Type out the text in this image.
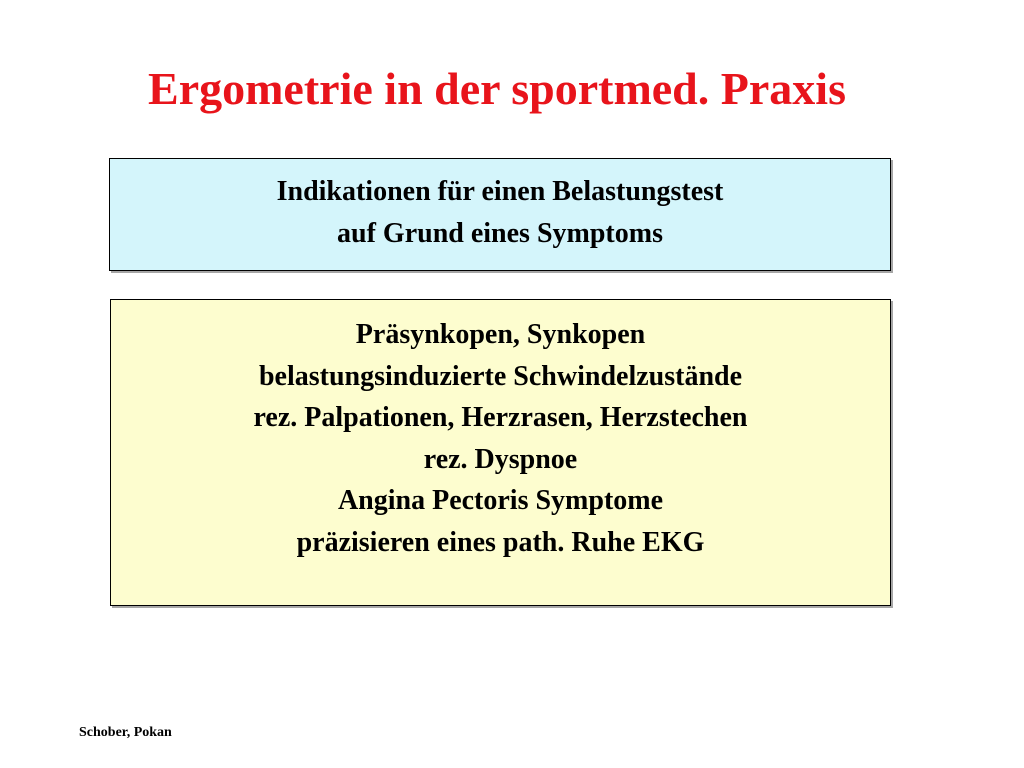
Ergometrie in der sportmed. Praxis
Indikationen für einen Belastungstest
auf Grund eines Symptoms
Präsynkopen, Synkopen
belastungsinduzierte Schwindelzustände
rez. Palpationen, Herzrasen, Herzstechen
rez. Dyspnoe
Angina Pectoris Symptome
präzisieren eines path. Ruhe EKG
Schober, Pokan
